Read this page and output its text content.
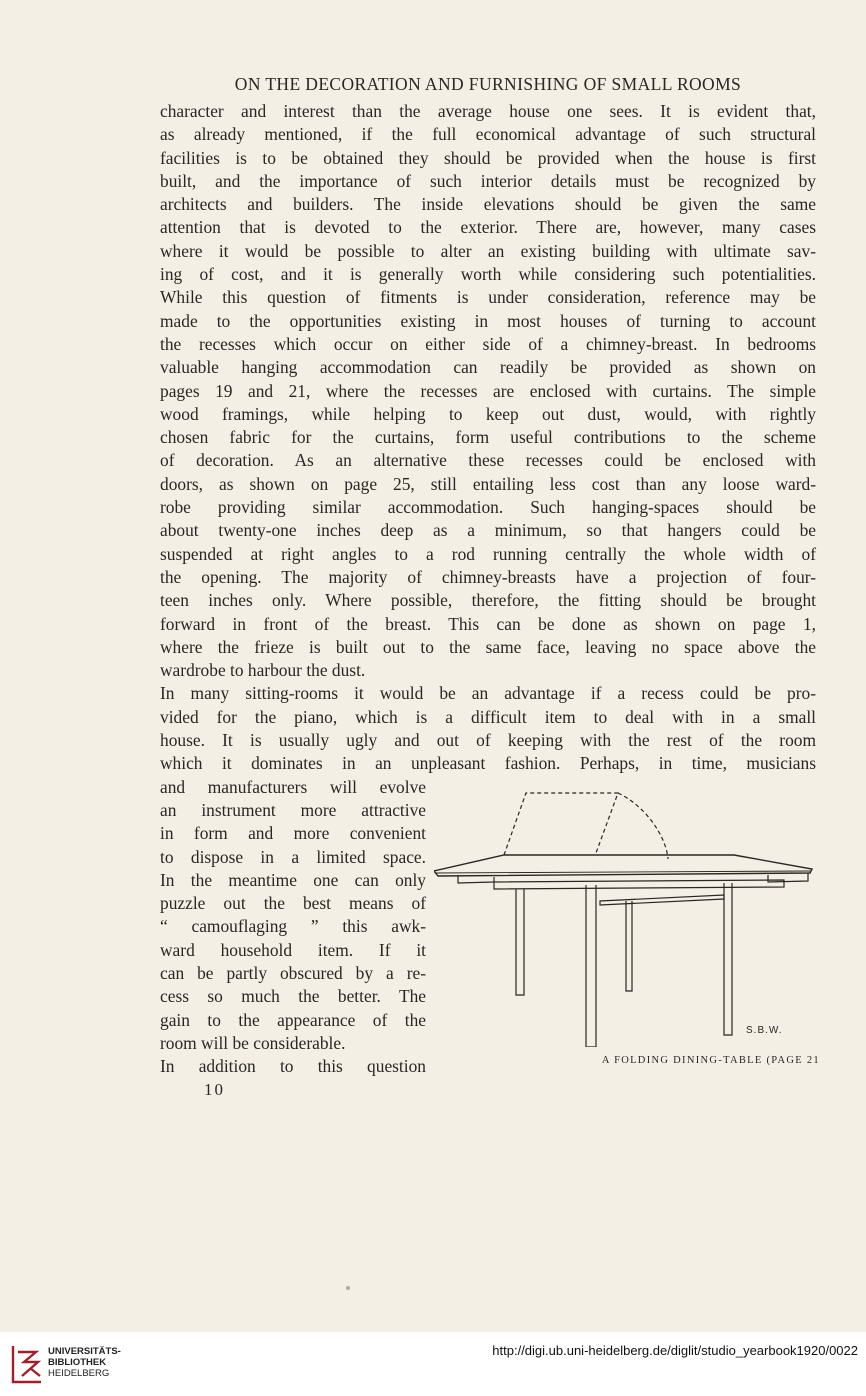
ON THE DECORATION AND FURNISHING OF SMALL ROOMS
character and interest than the average house one sees. It is evident that,
as already mentioned, if the full economical advantage of such structural
facilities is to be obtained they should be provided when the house is first
built, and the importance of such interior details must be recognized by
architects and builders. The inside elevations should be given the same
attention that is devoted to the exterior. There are, however, many cases
where it would be possible to alter an existing building with ultimate sav-
ing of cost, and it is generally worth while considering such potentialities.
While this question of fitments is under consideration, reference may be
made to the opportunities existing in most houses of turning to account
the recesses which occur on either side of a chimney-breast. In bedrooms
valuable hanging accommodation can readily be provided as shown on
pages 19 and 21, where the recesses are enclosed with curtains. The simple
wood framings, while helping to keep out dust, would, with rightly
chosen fabric for the curtains, form useful contributions to the scheme
of decoration. As an alternative these recesses could be enclosed with
doors, as shown on page 25, still entailing less cost than any loose ward-
robe providing similar accommodation. Such hanging-spaces should be
about twenty-one inches deep as a minimum, so that hangers could be
suspended at right angles to a rod running centrally the whole width of
the opening. The majority of chimney-breasts have a projection of four-
teen inches only. Where possible, therefore, the fitting should be brought
forward in front of the breast. This can be done as shown on page 1,
where the frieze is built out to the same face, leaving no space above the
wardrobe to harbour the dust.
In many sitting-rooms it would be an advantage if a recess could be pro-
vided for the piano, which is a difficult item to deal with in a small
house. It is usually ugly and out of keeping with the rest of the room
which it dominates in an unpleasant fashion. Perhaps, in time, musicians
and manufacturers will evolve
an instrument more attractive
in form and more convenient
to dispose in a limited space.
In the meantime one can only
puzzle out the best means of
“ camouflaging ” this awk-
ward household item. If it
can be partly obscured by a re-
cess so much the better. The
gain to the appearance of the
room will be considerable.
In addition to this question
S.B.W.
A FOLDING DINING-TABLE (PAGE 21
10
UNIVERSITÄTS-
BIBLIOTHEK
HEIDELBERG
http://digi.ub.uni-heidelberg.de/diglit/studio_yearbook1920/0022
